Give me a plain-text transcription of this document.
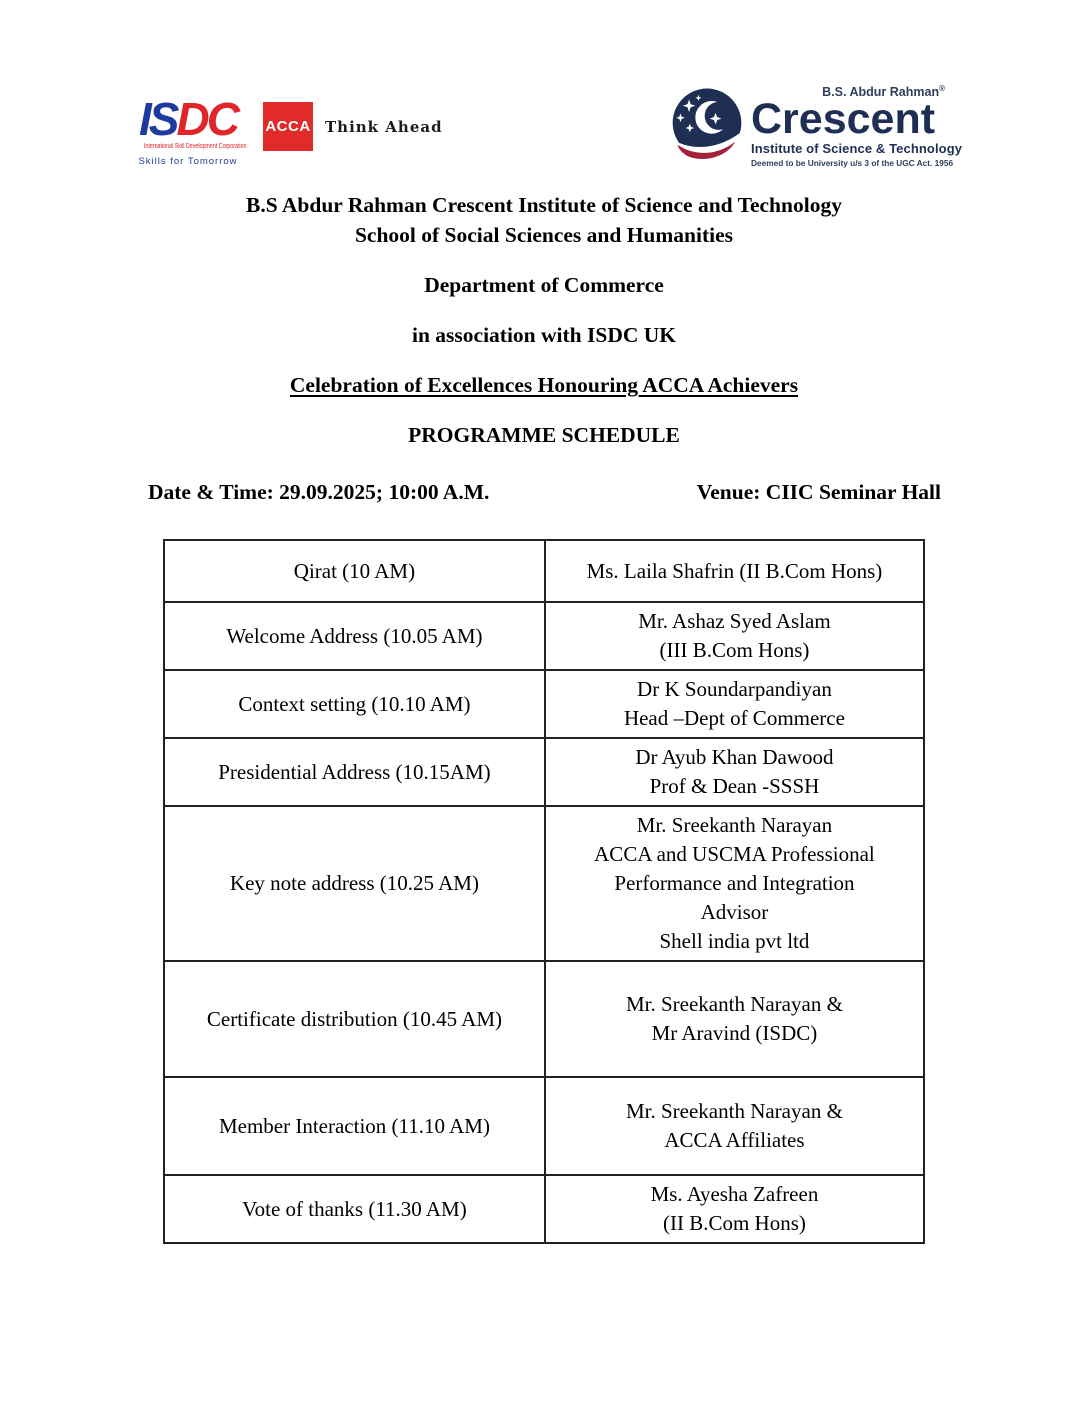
ISDC
International Skill Development Corporation
Skills for Tomorrow
ACCA Think Ahead
B.S. Abdur Rahman®
Crescent
Institute of Science & Technology
Deemed to be University u/s 3 of the UGC Act. 1956
B.S Abdur Rahman Crescent Institute of Science and Technology
School of Social Sciences and Humanities
Department of Commerce
in association with ISDC UK
Celebration of Excellences Honouring ACCA Achievers
PROGRAMME SCHEDULE
Date & Time: 29.09.2025; 10:00 A.M.	Venue: CIIC Seminar Hall
Qirat (10 AM)	Ms. Laila Shafrin (II B.Com Hons)

Welcome Address (10.05 AM)	Mr. Ashaz Syed Aslam
(III B.Com Hons)

Context setting (10.10 AM)	Dr K Soundarpandiyan
Head –Dept of Commerce

Presidential Address (10.15AM)	Dr Ayub Khan Dawood
Prof & Dean -SSSH

Key note address (10.25 AM)	Mr. Sreekanth Narayan
ACCA and USCMA Professional
Performance and Integration
Advisor
Shell india pvt ltd

Certificate distribution (10.45 AM)	Mr. Sreekanth Narayan &
Mr Aravind (ISDC)

Member Interaction (11.10 AM)	Mr. Sreekanth Narayan &
ACCA Affiliates

Vote of thanks (11.30 AM)	Ms. Ayesha Zafreen
(II B.Com Hons)
